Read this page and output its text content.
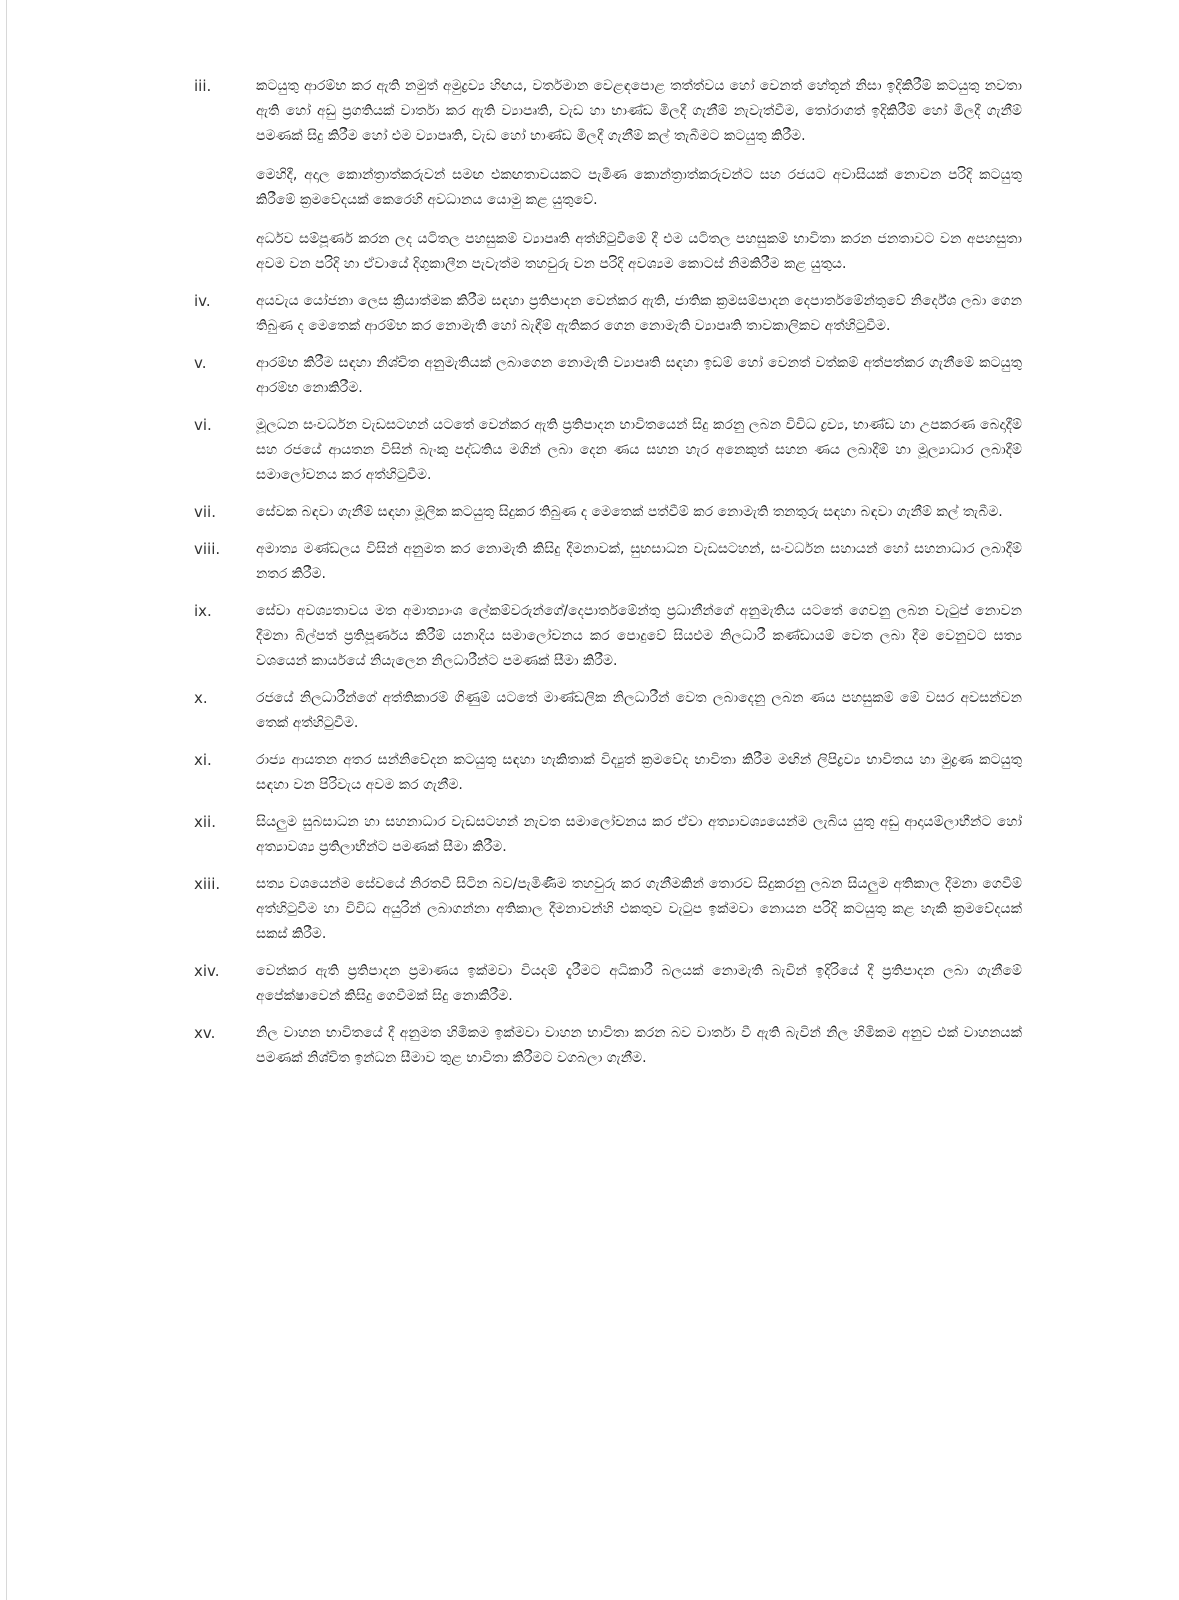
iii.	කටයුතු ආරම්භ කර ඇති නමුත් අමුද්‍රව්‍ය හිඟය, වර්තමාන වෙළඳපොළ තත්ත්වය හෝ වෙනත් හේතූන් නිසා ඉදිකිරීම් කටයුතු නවතා ඇති හෝ අඩු ප්‍රගතියක් වාර්තා කර ඇති ව්‍යාපෘති, වැඩ හා භාණ්ඩ මිලදී ගැනීම් නැවැත්වීම, තෝරාගත් ඉදිකිරීම් හෝ මිලදී ගැනීම් පමණක් සිදු කිරීම හෝ එම ව්‍යාපෘති, වැඩ හෝ භාණ්ඩ මිලදී ගැනීම් කල් තැබීමට කටයුතු කිරීම.

මෙහිදී, අදාල කොන්ත්‍රාත්කරුවන් සමඟ එකඟතාවයකට පැමිණ කොන්ත්‍රාත්කරුවන්ට සහ රජයට අවාසියක් නොවන පරිදි කටයුතු කිරීමේ ක්‍රමවේදයක් කෙරෙහි අවධානය යොමු කළ යුතුවේ.

අර්ධව සම්පූර්ණ කරන ලද යටිතල පහසුකම් ව්‍යාපෘති අත්හිටුවීමේ දී එම යටිතල පහසුකම් භාවිතා කරන ජනතාවට වන අපහසුතා අවම වන පරිදි හා ඒවායේ දිගුකාලීන පැවැත්ම තහවුරු වන පරිදි අවශ්‍යම කොටස් නිමකිරීම කළ යුතුය.

iv.	අයවැය යෝජනා ලෙස ක්‍රියාත්මක කිරීම සඳහා ප්‍රතිපාදන වෙන්කර ඇති, ජාතික ක්‍රමසම්පාදන දෙපාර්තමේන්තුවේ නිර්දේශ ලබා ගෙන තිබුණ ද මෙතෙක් ආරම්භ කර නොමැති හෝ බැඳීම් ඇතිකර ගෙන නොමැති ව්‍යාපෘති තාවකාලිකව අත්හිටුවීම.

v.	ආරම්භ කිරීම සඳහා නිශ්චිත අනුමැතියක් ලබාගෙන නොමැති ව්‍යාපෘති සඳහා ඉඩම් හෝ වෙනත් වත්කම් අත්පත්කර ගැනීමේ කටයුතු ආරම්භ නොකිරීම.

vi.	මූලධන සංවර්ධන වැඩසටහන් යටතේ වෙන්කර ඇති ප්‍රතිපාදන භාවිතයෙන් සිදු කරනු ලබන විවිධ ද්‍රව්‍ය, භාණ්ඩ හා උපකරණ බෙදාදීම් සහ රජයේ ආයතන විසින් බැංකු පද්ධතිය මගින් ලබා දෙන ණය සහන හැර අනෙකුත් සහන ණය ලබාදීම් හා මූල්‍යාධාර ලබාදීම් සමාලෝචනය කර අත්හිටුවීම.

vii.	සේවක බඳවා ගැනීම් සඳහා මූලික කටයුතු සිදුකර තිබුණ ද මෙතෙක් පත්වීම් කර නොමැති තනතුරු සඳහා බඳවා ගැනීම් කල් තැබීම.

viii.	අමාත්‍ය මණ්ඩලය විසින් අනුමත කර නොමැති කිසිදු දීමනාවක්, සුභසාධන වැඩසටහන්, සංවර්ධන සහායන් හෝ සහනාධාර ලබාදීම් නතර කිරීම.

ix.	සේවා අවශ්‍යතාවය මත අමාත්‍යාංශ ලේකම්වරුන්ගේ/දෙපාර්තමේන්තු ප්‍රධානීන්ගේ අනුමැතිය යටතේ ගෙවනු ලබන වැටුප් නොවන දීමනා බිල්පත් ප්‍රතිපූර්ණය කිරීම් යනාදිය සමාලෝචනය කර පොදුවේ සියළුම නිලධාරී කණ්ඩායම් වෙත ලබා දීම වෙනුවට සත්‍ය වශයෙන් කාර්යයේ නියැලෙන නිලධාරීන්ට පමණක් සීමා කිරීම.

x.	රජයේ නිලධාරීන්ගේ අත්තිකාරම් ගිණුම් යටතේ මාණ්ඩලික නිලධාරීන් වෙත ලබාදෙනු ලබන ණය පහසුකම් මේ වසර අවසන්වන තෙක් අත්හිටුවීම.

xi.	රාජ්‍ය ආයතන අතර සන්නිවේදන කටයුතු සඳහා හැකිතාක් විද්‍යුත් ක්‍රමවේද භාවිතා කිරීම මඟින් ලිපිද්‍රව්‍ය භාවිතය හා මුද්‍රණ කටයුතු සඳහා වන පිරිවැය අවම කර ගැනීම.

xii.	සියලුම සුබසාධන හා සහනාධාර වැඩසටහන් නැවත සමාලෝචනය කර ඒවා අත්‍යාවශ්‍යයෙන්ම ලැබිය යුතු අඩු ආදායම්ලාභීන්ට හෝ අත්‍යාවශ්‍ය ප්‍රතිලාභීන්ට පමණක් සීමා කිරීම.

xiii.	සත්‍ය වශයෙන්ම සේවයේ නිරතවී සිටින බව/පැමිණීම තහවුරු කර ගැනීමකින් තොරව සිදුකරනු ලබන සියලුම අතිකාල දීමනා ගෙවීම් අත්හිටුවීම හා විවිධ අයුරින් ලබාගන්නා අතිකාල දීමනාවන්හි එකතුව වැටුප ඉක්මවා නොයන පරිදි කටයුතු කළ හැකි ක්‍රමවේදයක් සකස් කිරීම.

xiv.	වෙන්කර ඇති ප්‍රතිපාදන ප්‍රමාණය ඉක්මවා වියදම් දැරීමට අධිකාරී බලයක් නොමැති බැවින් ඉදිරියේ දී ප්‍රතිපාදන ලබා ගැනීමේ අපේක්ෂාවෙන් කිසිදු ගෙවීමක් සිදු නොකිරීම.

xv.	නිල වාහන භාවිතයේ දී අනුමත හිමිකම ඉක්මවා වාහන භාවිතා කරන බව වාර්තා වී ඇති බැවින් නිල හිමිකම අනුව එක් වාහනයක් පමණක් නිශ්චිත ඉන්ධන සීමාව තුළ භාවිතා කිරීමට වගබලා ගැනීම.
